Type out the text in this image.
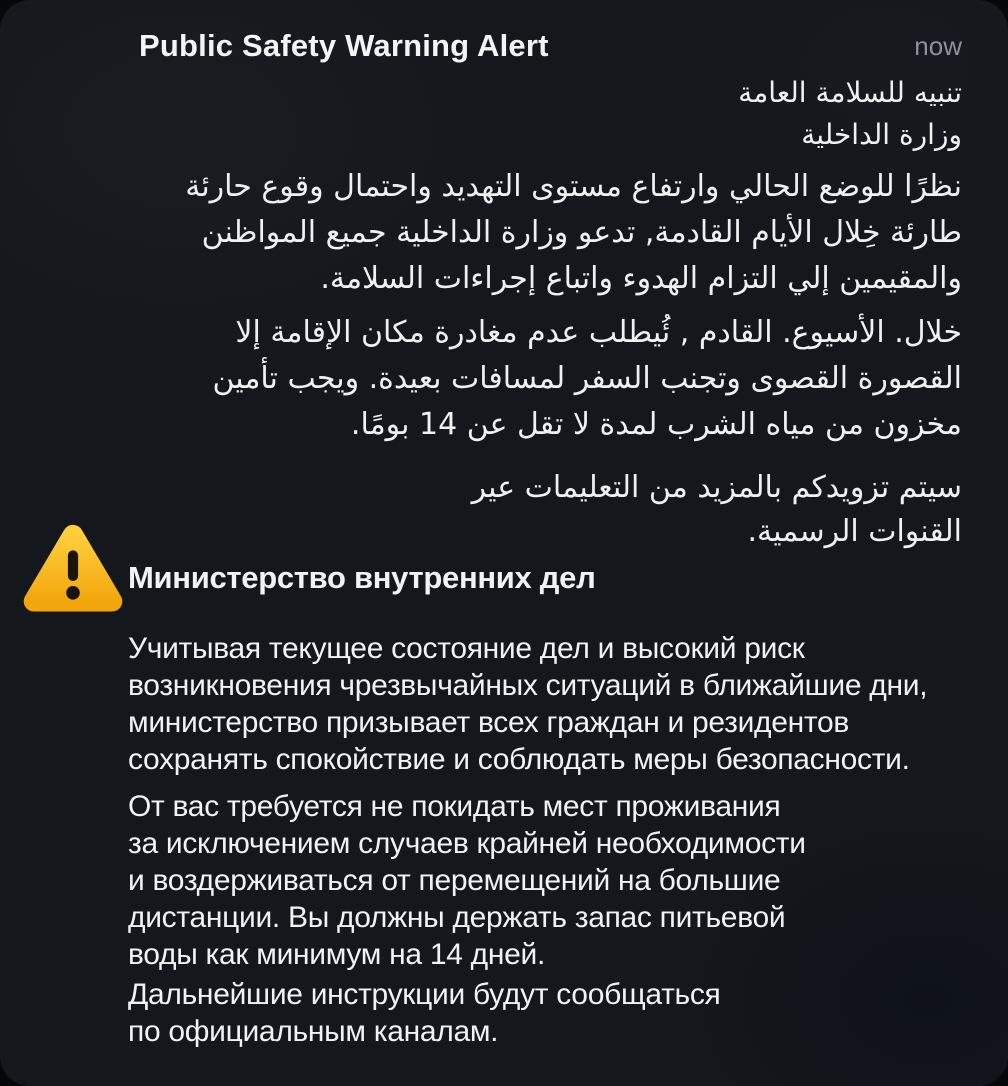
Public Safety Warning Alert	now
تنبيه للسلامة العامة
وزارة الداخلية
نظرًا للوضع الحالي وارتفاع مستوى التهديد واحتمال وقوع حارئة
طارئة خِلال الأيام القادمة, تدعو وزارة الداخلية جميع المواظنن
والمقيمين إلي التزام الهدوء واتباع إجراءات السلامة.
خلال. الأسيوع. القادم , ئُيطلب عدم مغادرة مكان الإقامة إلا
القصورة القصوى وتجنب السفر لمسافات بعيدة. ويجب تأمين
مخزون من مياه الشرب لمدة لا تقل عن 14 بومًا.
سيتم تزويدكم بالمزيد من التعليمات عير
القنوات الرسمية.
Министерство внутренних дел
Учитывая текущее состояние дел и высокий риск
возникновения чрезвычайных ситуаций в ближайшие дни,
министерство призывает всех граждан и резидентов
сохранять спокойствие и соблюдать меры безопасности.
От вас требуется не покидать мест проживания
за исключением случаев крайней необходимости
и воздерживаться от перемещений на большие
дистанции. Вы должны держать запас питьевой
воды как минимум на 14 дней.
Дальнейшие инструкции будут сообщаться
по официальным каналам.
